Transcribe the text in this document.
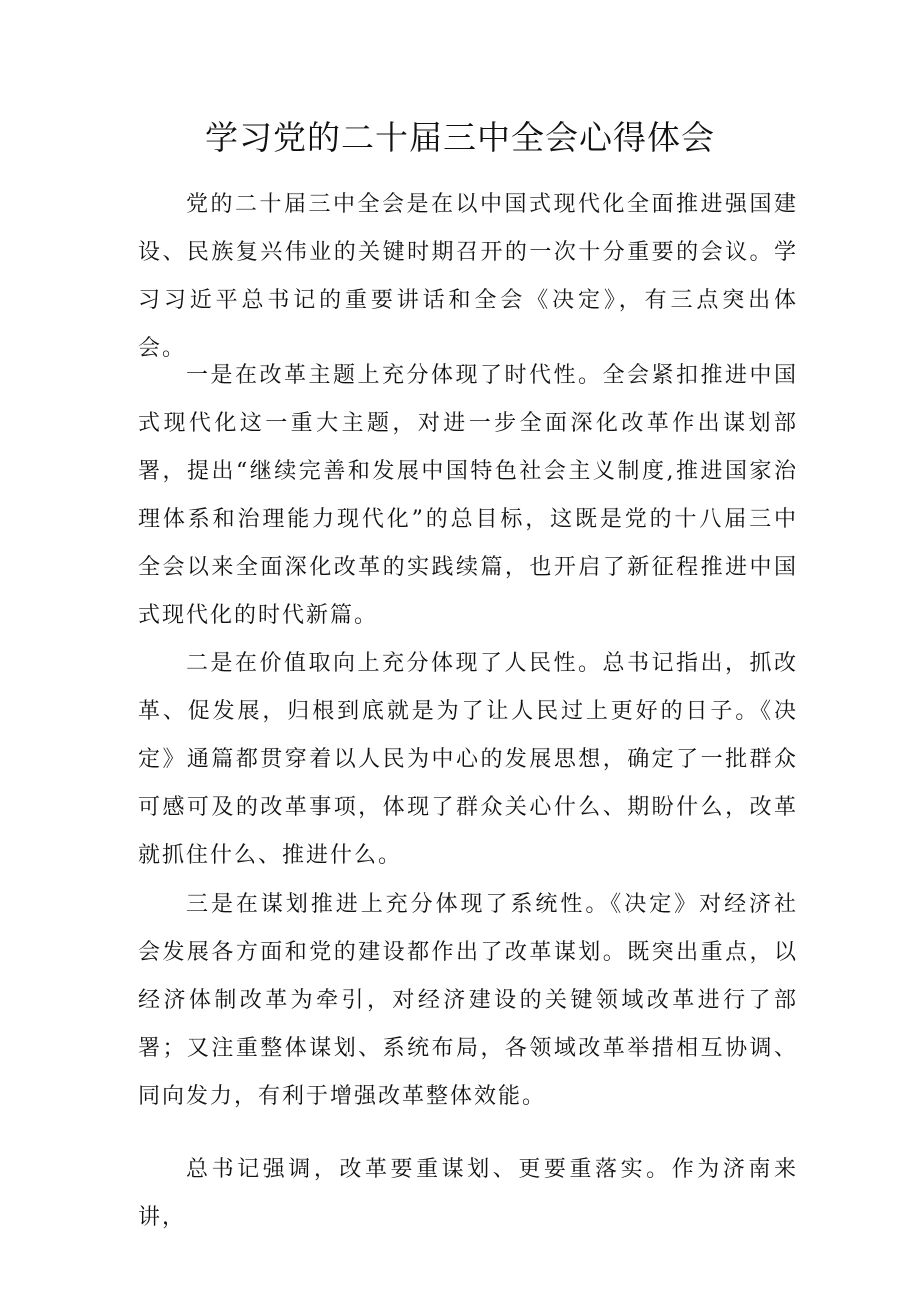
学习党的二十届三中全会心得体会

党的二十届三中全会是在以中国式现代化全面推进强国建设、民族复兴伟业的关键时期召开的一次十分重要的会议。学习习近平总书记的重要讲话和全会《决定》，有三点突出体会。

一是在改革主题上充分体现了时代性。全会紧扣推进中国式现代化这一重大主题，对进一步全面深化改革作出谋划部署，提出“继续完善和发展中国特色社会主义制度,推进国家治理体系和治理能力现代化”的总目标，这既是党的十八届三中全会以来全面深化改革的实践续篇，也开启了新征程推进中国式现代化的时代新篇。

二是在价值取向上充分体现了人民性。总书记指出，抓改革、促发展，归根到底就是为了让人民过上更好的日子。《决定》通篇都贯穿着以人民为中心的发展思想，确定了一批群众可感可及的改革事项，体现了群众关心什么、期盼什么，改革就抓住什么、推进什么。

三是在谋划推进上充分体现了系统性。《决定》对经济社会发展各方面和党的建设都作出了改革谋划。既突出重点，以经济体制改革为牵引，对经济建设的关键领域改革进行了部署；又注重整体谋划、系统布局，各领域改革举措相互协调、同向发力，有利于增强改革整体效能。

总书记强调，改革要重谋划、更要重落实。作为济南来讲，
